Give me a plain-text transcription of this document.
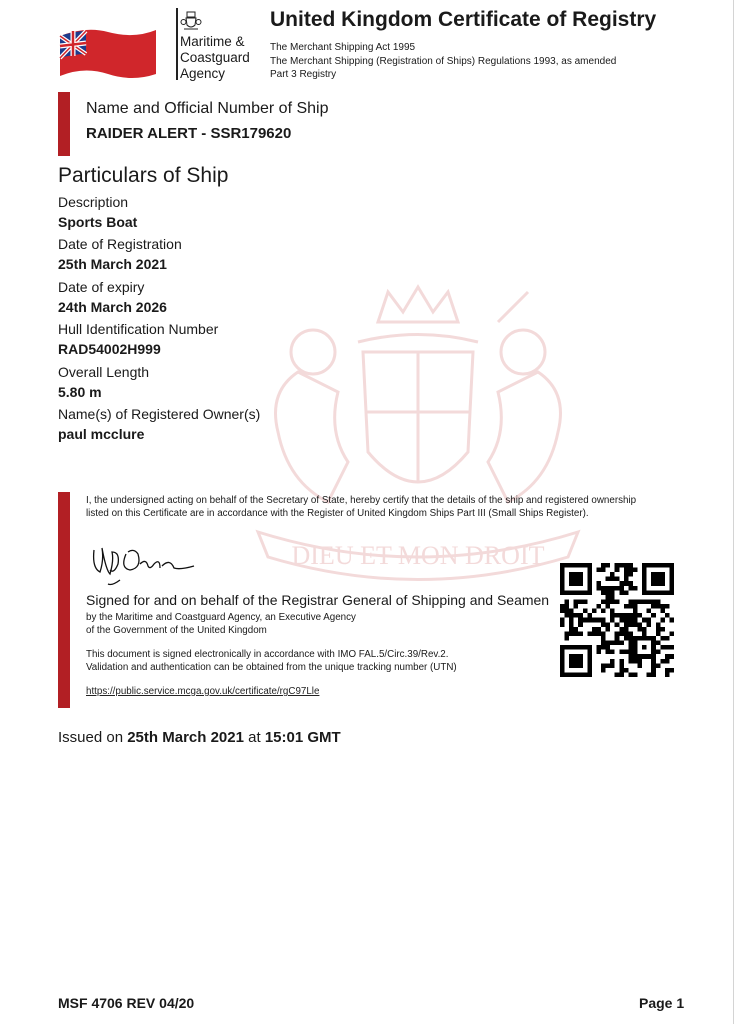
Maritime &
Coastguard
Agency
United Kingdom Certificate of Registry
The Merchant Shipping Act 1995
The Merchant Shipping (Registration of Ships) Regulations 1993, as amended
Part 3 Registry
Name and Official Number of Ship
RAIDER ALERT - SSR179620
DIEU ET MON DROIT
Particulars of Ship
Description
Sports Boat
Date of Registration
25th March 2021
Date of expiry
24th March 2026
Hull Identification Number
RAD54002H999
Overall Length
5.80 m
Name(s) of Registered Owner(s)
paul mcclure
I, the undersigned acting on behalf of the Secretary of State, hereby certify that the details of the ship and registered ownership listed on this Certificate are in accordance with the Register of United Kingdom Ships Part III (Small Ships Register).
Signed for and on behalf of the Registrar General of Shipping and Seamen
by the Maritime and Coastguard Agency, an Executive Agency
of the Government of the United Kingdom
This document is signed electronically in accordance with IMO FAL.5/Circ.39/Rev.2.
Validation and authentication can be obtained from the unique tracking number (UTN)
https://public.service.mcga.gov.uk/certificate/rgC97Lle
Issued on 25th March 2021 at 15:01 GMT
MSF 4706 REV 04/20	Page 1
